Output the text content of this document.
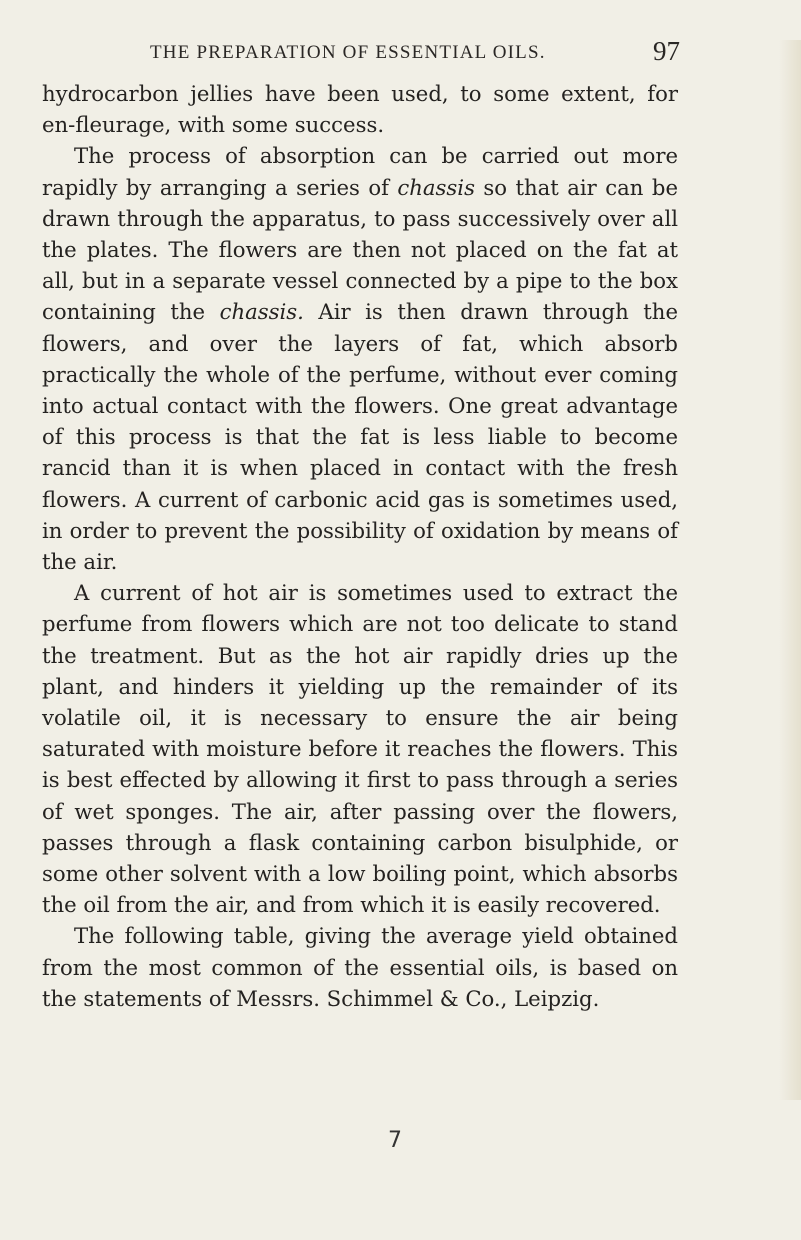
THE PREPARATION OF ESSENTIAL OILS.	97

hydrocarbon jellies have been used, to some extent, for en-fleurage, with some success.

The process of absorption can be carried out more rapidly by arranging a series of chassis so that air can be drawn through the apparatus, to pass successively over all the plates. The flowers are then not placed on the fat at all, but in a separate vessel connected by a pipe to the box containing the chassis. Air is then drawn through the flowers, and over the layers of fat, which absorb practically the whole of the perfume, without ever coming into actual contact with the flowers. One great advantage of this process is that the fat is less liable to become rancid than it is when placed in contact with the fresh flowers. A current of carbonic acid gas is sometimes used, in order to prevent the possibility of oxidation by means of the air.

A current of hot air is sometimes used to extract the perfume from flowers which are not too delicate to stand the treatment. But as the hot air rapidly dries up the plant, and hinders it yielding up the remainder of its volatile oil, it is necessary to ensure the air being saturated with moisture before it reaches the flowers. This is best effected by allowing it first to pass through a series of wet sponges. The air, after passing over the flowers, passes through a flask containing carbon bisulphide, or some other solvent with a low boiling point, which absorbs the oil from the air, and from which it is easily recovered.

The following table, giving the average yield obtained from the most common of the essential oils, is based on the statements of Messrs. Schimmel & Co., Leipzig.

7
